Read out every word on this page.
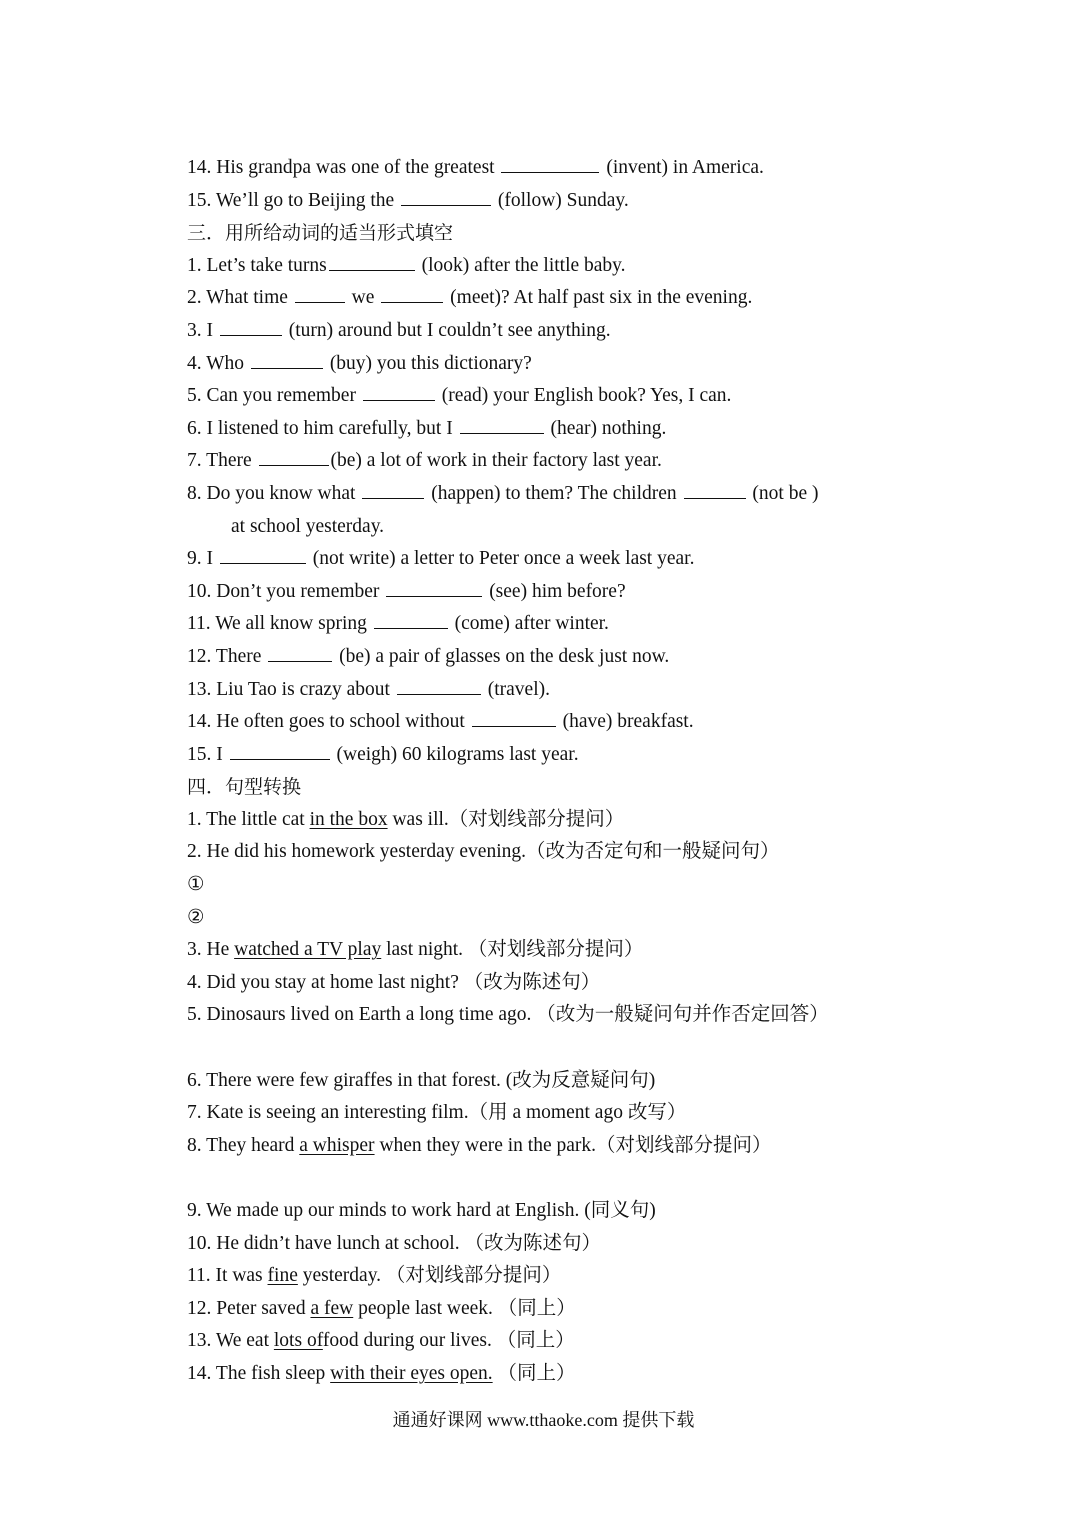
14. His grandpa was one of the greatest	(invent) in America.
15. We’ll go to Beijing the	(follow) Sunday.
三．用所给动词的适当形式填空
1. Let’s take turns	(look) after the little baby.
2. What time	we	(meet)? At half past six in the evening.
3. I	(turn) around but I couldn’t see anything.
4. Who	(buy) you this dictionary?
5. Can you remember	(read) your English book? Yes, I can.
6. I listened to him carefully, but I	(hear) nothing.
7. There	(be) a lot of work in their factory last year.
8. Do you know what	(happen) to them? The children	(not be )
at school yesterday.
9. I	(not write) a letter to Peter once a week last year.
10. Don’t you remember	(see) him before?
11. We all know spring	(come) after winter.
12. There	(be) a pair of glasses on the desk just now.
13. Liu Tao is crazy about	(travel).
14. He often goes to school without	(have) breakfast.
15. I	(weigh) 60 kilograms last year.
四．句型转换
1. The little cat in the box was ill.（对划线部分提问）
2. He did his homework yesterday evening.（改为否定句和一般疑问句）
①
②
3. He watched a TV play last night. （对划线部分提问）
4. Did you stay at home last night? （改为陈述句）
5. Dinosaurs lived on Earth a long time ago. （改为一般疑问句并作否定回答）
6. There were few giraffes in that forest. (改为反意疑问句)
7. Kate is seeing an interesting film.（用 a moment ago 改写）
8. They heard a whisper when they were in the park.（对划线部分提问）
9. We made up our minds to work hard at English. (同义句)
10. He didn’t have lunch at school. （改为陈述句）
11. It was fine yesterday. （对划线部分提问）
12. Peter saved a few people last week. （同上）
13. We eat lots offood during our lives. （同上）
14. The fish sleep with their eyes open. （同上）
通通好课网 www.tthaoke.com 提供下载
